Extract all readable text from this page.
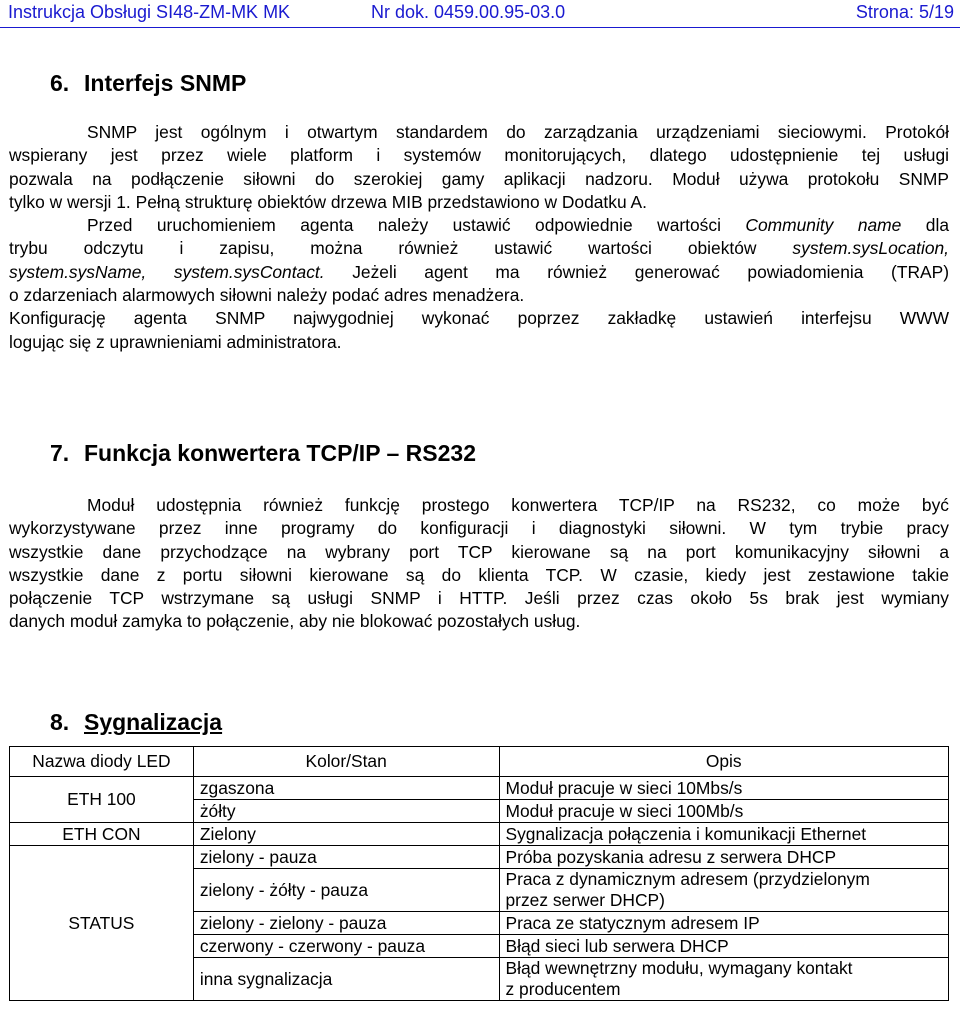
Instrukcja Obsługi SI48-ZM-MK MK	Nr dok. 0459.00.95-03.0	Strona: 5/19
6. Interfejs SNMP
SNMP jest ogólnym i otwartym standardem do zarządzania urządzeniami sieciowymi. Protokół
wspierany jest przez wiele platform i systemów monitorujących, dlatego udostępnienie tej usługi
pozwala na podłączenie siłowni do szerokiej gamy aplikacji nadzoru. Moduł używa protokołu SNMP
tylko w wersji 1. Pełną strukturę obiektów drzewa MIB przedstawiono w Dodatku A.
Przed uruchomieniem agenta należy ustawić odpowiednie wartości Community name dla
trybu odczytu i zapisu, można również ustawić wartości obiektów system.sysLocation,
system.sysName, system.sysContact. Jeżeli agent ma również generować powiadomienia (TRAP)
o zdarzeniach alarmowych siłowni należy podać adres menadżera.
Konfigurację agenta SNMP najwygodniej wykonać poprzez zakładkę ustawień interfejsu WWW
logując się z uprawnieniami administratora.
7. Funkcja konwertera TCP/IP – RS232
Moduł udostępnia również funkcję prostego konwertera TCP/IP na RS232, co może być
wykorzystywane przez inne programy do konfiguracji i diagnostyki siłowni. W tym trybie pracy
wszystkie dane przychodzące na wybrany port TCP kierowane są na port komunikacyjny siłowni a
wszystkie dane z portu siłowni kierowane są do klienta TCP. W czasie, kiedy jest zestawione takie
połączenie TCP wstrzymane są usługi SNMP i HTTP. Jeśli przez czas około 5s brak jest wymiany
danych moduł zamyka to połączenie, aby nie blokować pozostałych usług.
8. Sygnalizacja
Nazwa diody LED	Kolor/Stan	Opis
ETH 100	zgaszona	Moduł pracuje w sieci 10Mbs/s
	żółty	Moduł pracuje w sieci 100Mb/s
ETH CON	Zielony	Sygnalizacja połączenia i komunikacji Ethernet
STATUS	zielony - pauza	Próba pozyskania adresu z serwera DHCP
	zielony - żółty - pauza	Praca z dynamicznym adresem (przydzielonym
przez serwer DHCP)
	zielony - zielony - pauza	Praca ze statycznym adresem IP
	czerwony - czerwony - pauza	Błąd sieci lub serwera DHCP
	inna sygnalizacja	Błąd wewnętrzny modułu, wymagany kontakt
z producentem
